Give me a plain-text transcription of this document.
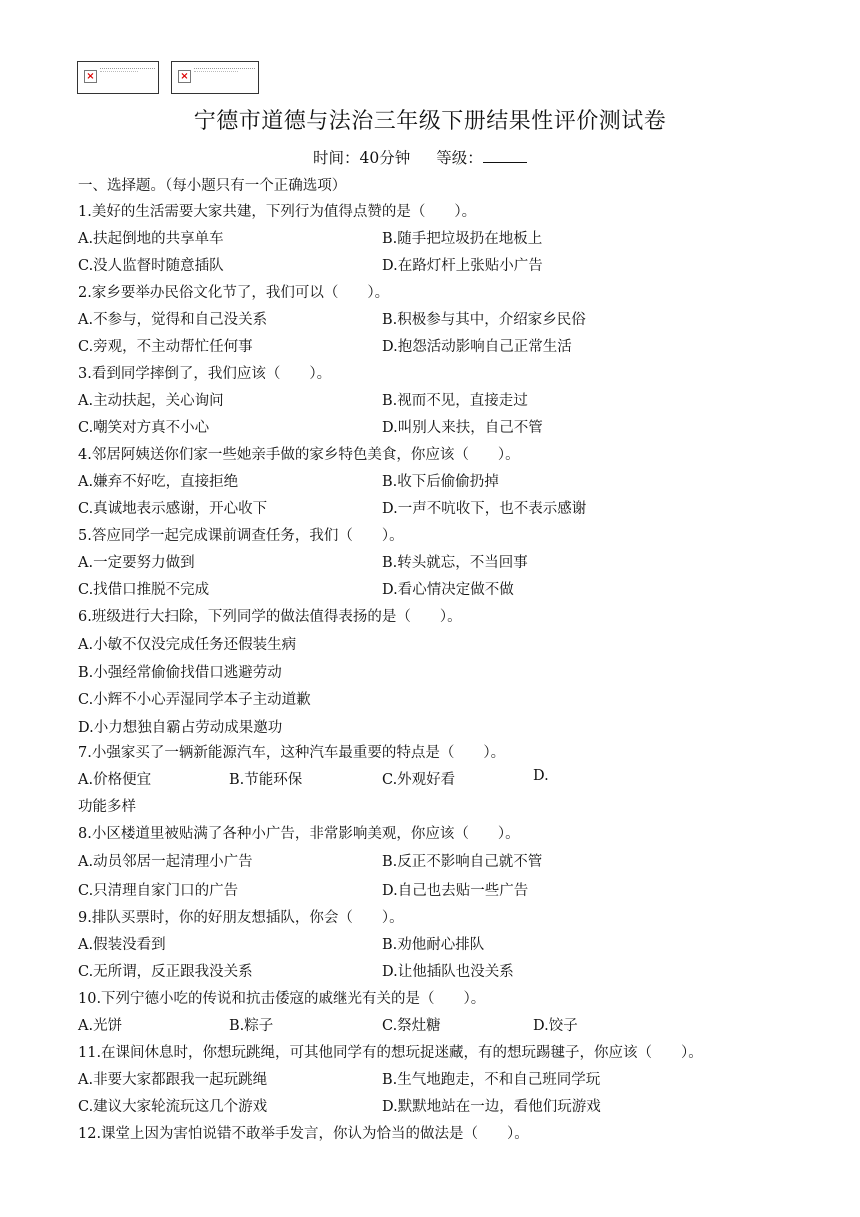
×	×
宁德市道德与法治三年级下册结果性评价测试卷
时间：40分钟 等级：
一、选择题。（每小题只有一个正确选项）
1.美好的生活需要大家共建，下列行为值得点赞的是（　　）。
A.扶起倒地的共享单车	B.随手把垃圾扔在地板上
C.没人监督时随意插队	D.在路灯杆上张贴小广告
2.家乡要举办民俗文化节了，我们可以（　　）。
A.不参与，觉得和自己没关系	B.积极参与其中，介绍家乡民俗
C.旁观，不主动帮忙任何事	D.抱怨活动影响自己正常生活
3.看到同学摔倒了，我们应该（　　）。
A.主动扶起，关心询问	B.视而不见，直接走过
C.嘲笑对方真不小心	D.叫别人来扶，自己不管
4.邻居阿姨送你们家一些她亲手做的家乡特色美食，你应该（　　）。
A.嫌弃不好吃，直接拒绝	B.收下后偷偷扔掉
C.真诚地表示感谢，开心收下	D.一声不吭收下，也不表示感谢
5.答应同学一起完成课前调查任务，我们（　　）。
A.一定要努力做到	B.转头就忘，不当回事
C.找借口推脱不完成	D.看心情决定做不做
6.班级进行大扫除，下列同学的做法值得表扬的是（　　）。
A.小敏不仅没完成任务还假装生病
B.小强经常偷偷找借口逃避劳动
C.小辉不小心弄湿同学本子主动道歉
D.小力想独自霸占劳动成果邀功
7.小强家买了一辆新能源汽车，这种汽车最重要的特点是（　　）。
A.价格便宜	B.节能环保	C.外观好看	D.
功能多样
8.小区楼道里被贴满了各种小广告，非常影响美观，你应该（　　）。
A.动员邻居一起清理小广告	B.反正不影响自己就不管
C.只清理自家门口的广告	D.自己也去贴一些广告
9.排队买票时，你的好朋友想插队，你会（　　）。
A.假装没看到	B.劝他耐心排队
C.无所谓，反正跟我没关系	D.让他插队也没关系
10.下列宁德小吃的传说和抗击倭寇的戚继光有关的是（　　）。
A.光饼	B.粽子	C.祭灶糖	D.饺子
11.在课间休息时，你想玩跳绳，可其他同学有的想玩捉迷藏，有的想玩踢毽子，你应该（　　）。
A.非要大家都跟我一起玩跳绳	B.生气地跑走，不和自己班同学玩
C.建议大家轮流玩这几个游戏	D.默默地站在一边，看他们玩游戏
12.课堂上因为害怕说错不敢举手发言，你认为恰当的做法是（　　）。
